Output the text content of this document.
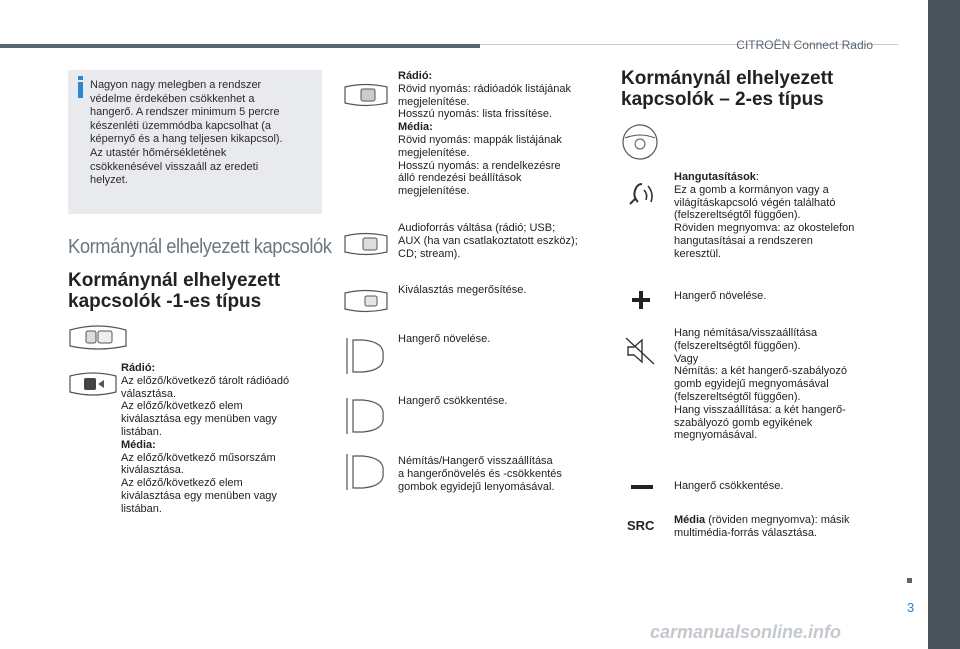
CITROËN Connect Radio
3
carmanualsonline.info
Nagyon nagy melegben a rendszer
védelme érdekében csökkenhet a
hangerő. A rendszer minimum 5 percre
készenléti üzemmódba kapcsolhat (a
képernyő és a hang teljesen kikapcsol).
Az utastér hőmérsékletének
csökkenésével visszaáll az eredeti
helyzet.
Kormánynál elhelyezett kapcsolók
Kormánynál elhelyezett
kapcsolók -1-es típus
Rádió:
Az előző/következő tárolt rádióadó
választása.
Az előző/következő elem
kiválasztása egy menüben vagy
listában.
Média:
Az előző/következő műsorszám
kiválasztása.
Az előző/következő elem
kiválasztása egy menüben vagy
listában.
Rádió:
Rövid nyomás: rádióadók listájának
megjelenítése.
Hosszú nyomás: lista frissítése.
Média:
Rövid nyomás: mappák listájának
megjelenítése.
Hosszú nyomás: a rendelkezésre
álló rendezési beállítások
megjelenítése.
Audioforrás váltása (rádió; USB;
AUX (ha van csatlakoztatott eszköz);
CD; stream).
Kiválasztás megerősítése.
Hangerő növelése.
Hangerő csökkentése.
Némítás/Hangerő visszaállítása
a hangerőnövelés és -csökkentés
gombok egyidejű lenyomásával.
Kormánynál elhelyezett
kapcsolók – 2-es típus
Hangutasítások:
Ez a gomb a kormányon vagy a
világításkapcsoló végén található
(felszereltségtől függően).
Röviden megnyomva: az okostelefon
hangutasításai a rendszeren
keresztül.
Hangerő növelése.
Hang némítása/visszaállítása
(felszereltségtől függően).
Vagy
Némítás: a két hangerő-szabályozó
gomb egyidejű megnyomásával
(felszereltségtől függően).
Hang visszaállítása: a két hangerő-
szabályozó gomb egyikének
megnyomásával.
Hangerő csökkentése.
SRC Média (röviden megnyomva): másik
multimédia-forrás választása.
